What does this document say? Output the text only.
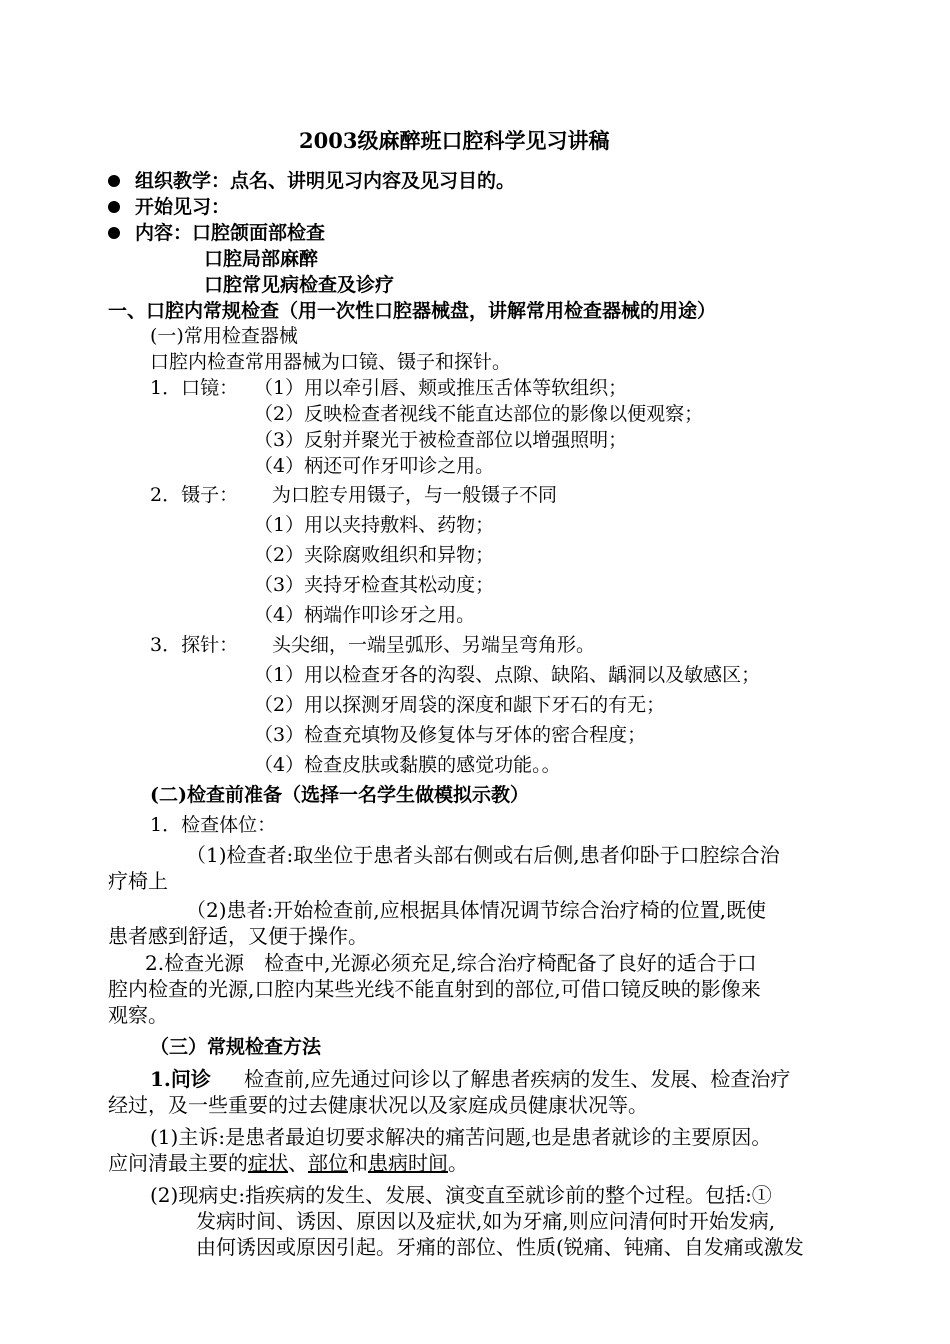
2003级麻醉班口腔科学见习讲稿
组织教学：点名、讲明见习内容及见习目的。
开始见习：
内容：口腔颌面部检查
口腔局部麻醉
口腔常见病检查及诊疗
一、口腔内常规检查（用一次性口腔器械盘，讲解常用检查器械的用途）
(一)常用检查器械
口腔内检查常用器械为口镜、镊子和探针。
1．口镜： （1）用以牵引唇、颊或推压舌体等软组织；
（2）反映检查者视线不能直达部位的影像以便观察；
（3）反射并聚光于被检查部位以增强照明；
（4）柄还可作牙叩诊之用。
2．镊子： 为口腔专用镊子，与一般镊子不同
（1）用以夹持敷料、药物；
（2）夹除腐败组织和异物；
（3）夹持牙检查其松动度；
（4）柄端作叩诊牙之用。
3．探针： 头尖细，一端呈弧形、另端呈弯角形。
（1）用以检查牙各的沟裂、点隙、缺陷、龋洞以及敏感区；
（2）用以探测牙周袋的深度和龈下牙石的有无；
（3）检查充填物及修复体与牙体的密合程度；
（4）检查皮肤或黏膜的感觉功能。。
(二)检查前准备（选择一名学生做模拟示教）
1．检查体位：
（1)检查者:取坐位于患者头部右侧或右后侧,患者仰卧于口腔综合治
疗椅上
（2)患者:开始检查前,应根据具体情况调节综合治疗椅的位置,既使
患者感到舒适，又便于操作。
2.检查光源　检查中,光源必须充足,综合治疗椅配备了良好的适合于口
腔内检查的光源,口腔内某些光线不能直射到的部位,可借口镜反映的影像来
观察。
（三）常规检查方法
1.问诊 检查前,应先通过问诊以了解患者疾病的发生、发展、检查治疗
经过，及一些重要的过去健康状况以及家庭成员健康状况等。
(1)主诉:是患者最迫切要求解决的痛苦问题,也是患者就诊的主要原因。
应问清最主要的症状、部位和患病时间。
(2)现病史:指疾病的发生、发展、演变直至就诊前的整个过程。包括:①
发病时间、诱因、原因以及症状,如为牙痛,则应问清何时开始发病,
由何诱因或原因引起。牙痛的部位、性质(锐痛、钝痛、自发痛或激发
